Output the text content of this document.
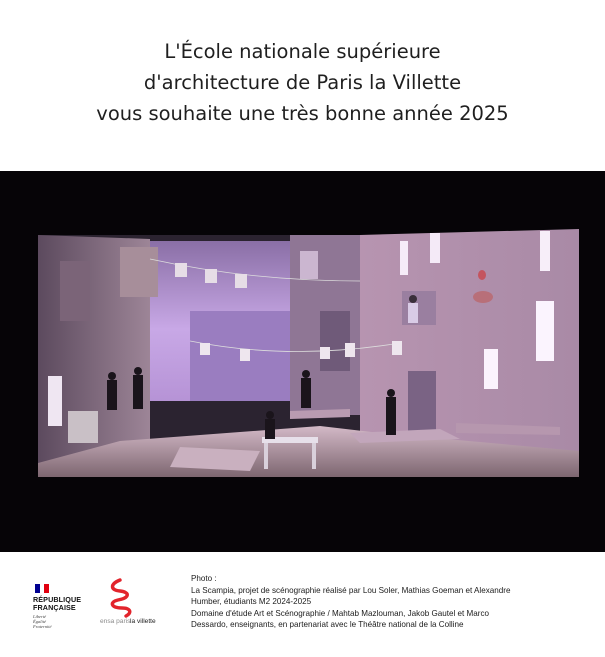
L'École nationale supérieure
d'architecture de Paris la Villette
vous souhaite une très bonne année 2025
RÉPUBLIQUE
FRANÇAISE
Liberté
Égalité
Fraternité
ensa paris la villette
Photo :
La Scampia, projet de scénographie réalisé par Lou Soler, Mathias Goeman et Alexandre
Humber, étudiants M2 2024-2025
Domaine d'étude Art et Scénographie / Mahtab Mazlouman, Jakob Gautel et Marco
Dessardo, enseignants, en partenariat avec le Théâtre national de la Colline
